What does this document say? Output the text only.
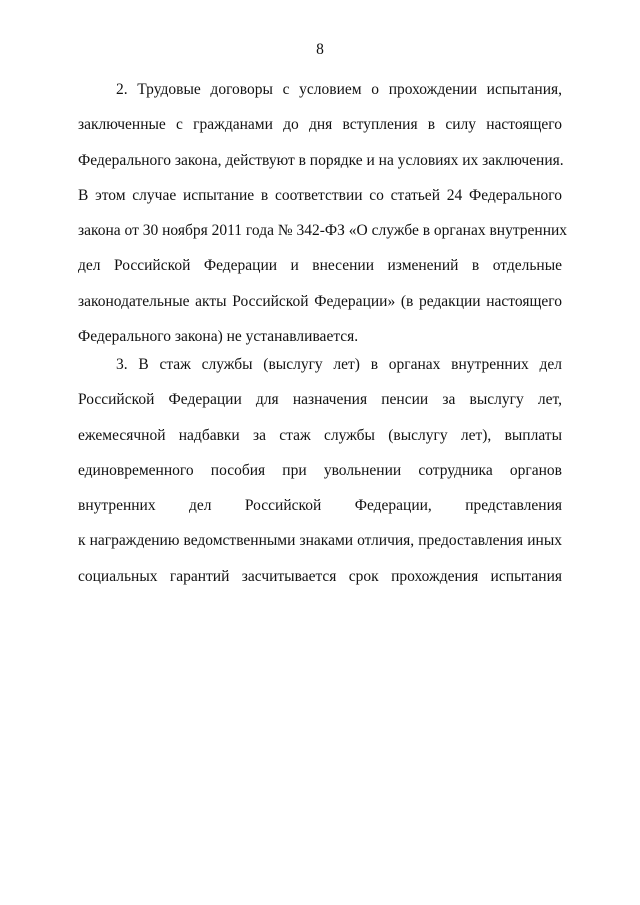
8
2. Трудовые договоры с условием о прохождении испытания,
заключенные с гражданами до дня вступления в силу настоящего
Федерального закона, действуют в порядке и на условиях их заключения.
В этом случае испытание в соответствии со статьей 24 Федерального
закона от 30 ноября 2011 года № 342-ФЗ «О службе в органах внутренних
дел Российской Федерации и внесении изменений в отдельные
законодательные акты Российской Федерации» (в редакции настоящего
Федерального закона) не устанавливается.
3. В стаж службы (выслугу лет) в органах внутренних дел
Российской Федерации для назначения пенсии за выслугу лет,
ежемесячной надбавки за стаж службы (выслугу лет), выплаты
единовременного пособия при увольнении сотрудника органов
внутренних дел Российской Федерации, представления
к награждению ведомственными знаками отличия, предоставления иных
социальных гарантий засчитывается срок прохождения испытания
